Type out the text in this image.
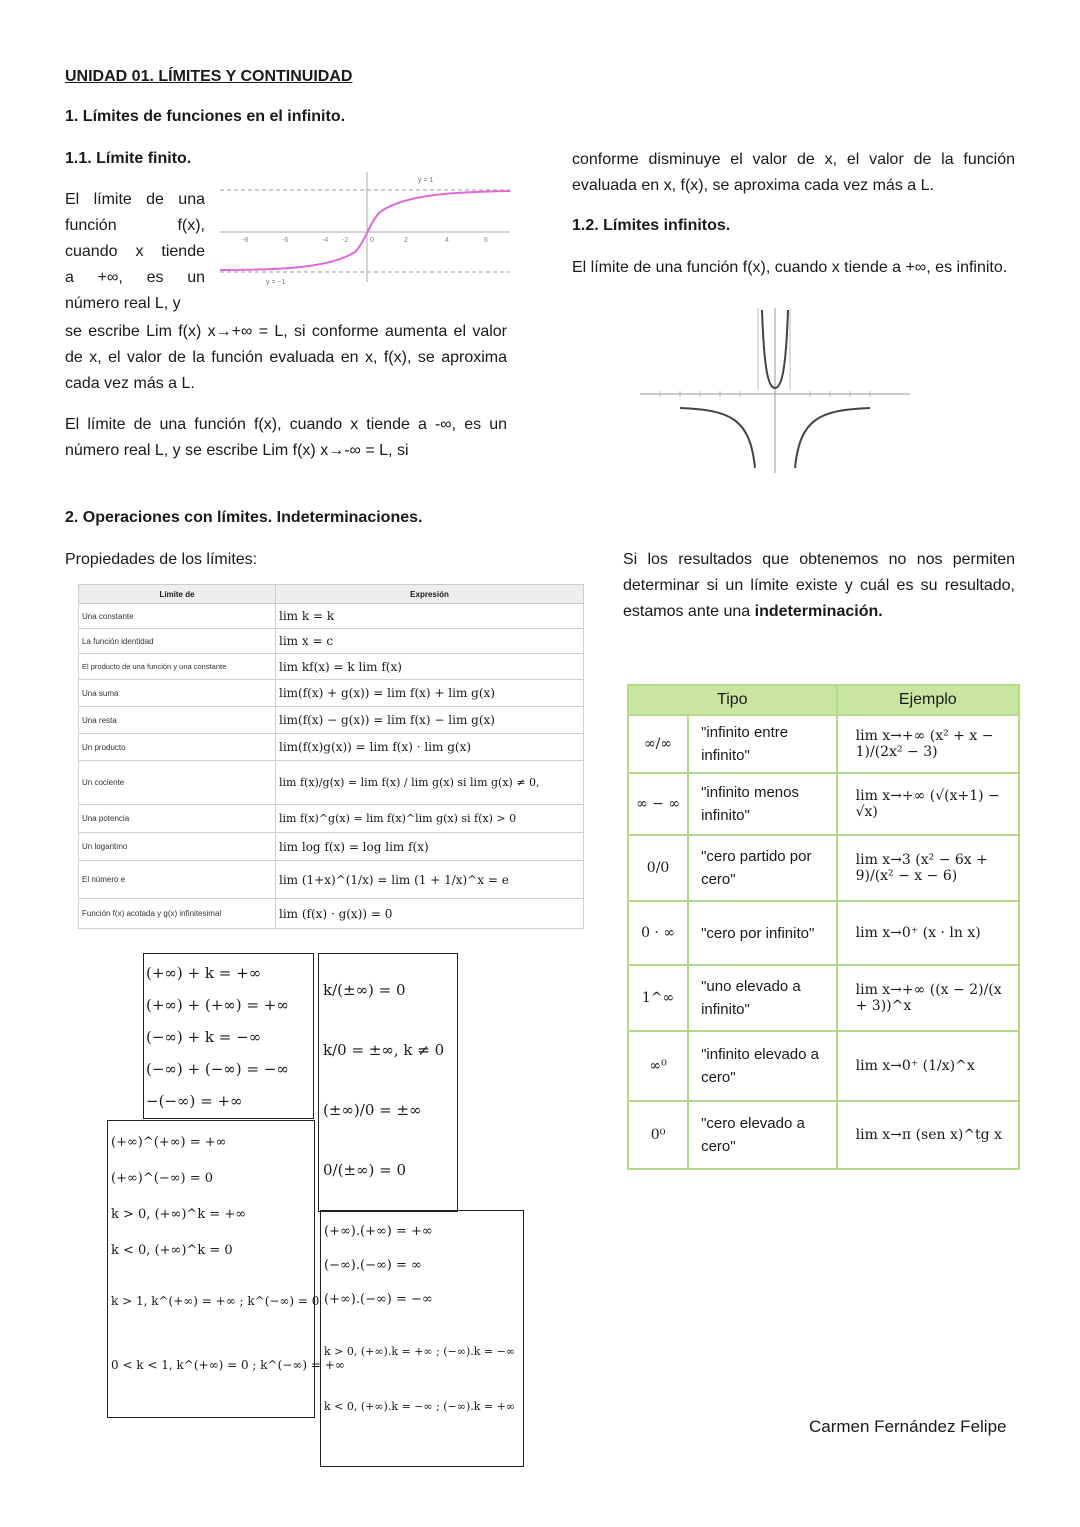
UNIDAD 01. LÍMITES Y CONTINUIDAD
1. Límites de funciones en el infinito.
1.1. Límite finito.
El límite de una
función f(x),
cuando x tiende
a +∞, es un
número real L, y
y = 1
y = −1
-8	-6	-4 -2	0	2	4	6
se escribe Lim f(x) x→+∞ = L, si conforme aumenta el valor de x, el valor de la función evaluada en x, f(x), se aproxima cada vez más a L.
El límite de una función f(x), cuando x tiende a -∞, es un número real L, y se escribe Lim f(x) x→-∞ = L, si
conforme disminuye el valor de x, el valor de la función evaluada en x, f(x), se aproxima cada vez más a L.
1.2. Límites infinitos.
El límite de una función f(x), cuando x tiende a +∞, es infinito.
2. Operaciones con límites. Indeterminaciones.
Propiedades de los límites:
Límite de	Expresión
Una constante	lim k = k
La función identidad	lim x = c
El producto de una función y una constante	lim kf(x) = k lim f(x)
Una suma	lim(f(x) + g(x)) = lim f(x) + lim g(x)
Una resta	lim(f(x) − g(x)) = lim f(x) − lim g(x)
Un producto	lim(f(x)g(x)) = lim f(x) · lim g(x)
Un cociente	lim f(x)/g(x) = lim f(x) / lim g(x) si lim g(x) ≠ 0,
Una potencia	lim f(x)^g(x) = lim f(x)^lim g(x) si f(x) > 0
Un logaritmo	lim log f(x) = log lim f(x)
El número e	lim (1+x)^(1/x) = lim (1 + 1/x)^x = e
Función f(x) acotada y g(x) infinitesimal	lim (f(x) · g(x)) = 0
Si los resultados que obtenemos no nos permiten determinar si un límite existe y cuál es su resultado, estamos ante una indeterminación.
Tipo		Ejemplo
∞/∞	"infinito entre infinito"	lim x→+∞ (x² + x − 1)/(2x² − 3)
∞ − ∞	"infinito menos infinito"	lim x→+∞ (√(x+1) − √x)
0/0	"cero partido por cero"	lim x→3 (x² − 6x + 9)/(x² − x − 6)
0 · ∞	"cero por infinito"	lim x→0⁺ (x · ln x)
1^∞	"uno elevado a infinito"	lim x→+∞ ((x − 2)/(x + 3))^x
∞⁰	"infinito elevado a cero"	lim x→0⁺ (1/x)^x
0⁰	"cero elevado a cero"	lim x→π (sen x)^tg x
(+∞) + k = +∞
(+∞) + (+∞) = +∞
(−∞) + k = −∞
(−∞) + (−∞) = −∞
−(−∞) = +∞
k/(±∞) = 0
k/0 = ±∞, k ≠ 0
(±∞)/0 = ±∞
0/(±∞) = 0
(+∞)^(+∞) = +∞
(+∞)^(−∞) = 0
k > 0, (+∞)^k = +∞
k < 0, (+∞)^k = 0
k > 1, k^(+∞) = +∞ ; k^(−∞) = 0
0 < k < 1, k^(+∞) = 0 ; k^(−∞) = +∞
(+∞).(+∞) = +∞
(−∞).(−∞) = ∞
(+∞).(−∞) = −∞
k > 0, (+∞).k = +∞ ; (−∞).k = −∞
k < 0, (+∞).k = −∞ ; (−∞).k = +∞
Carmen Fernández Felipe
